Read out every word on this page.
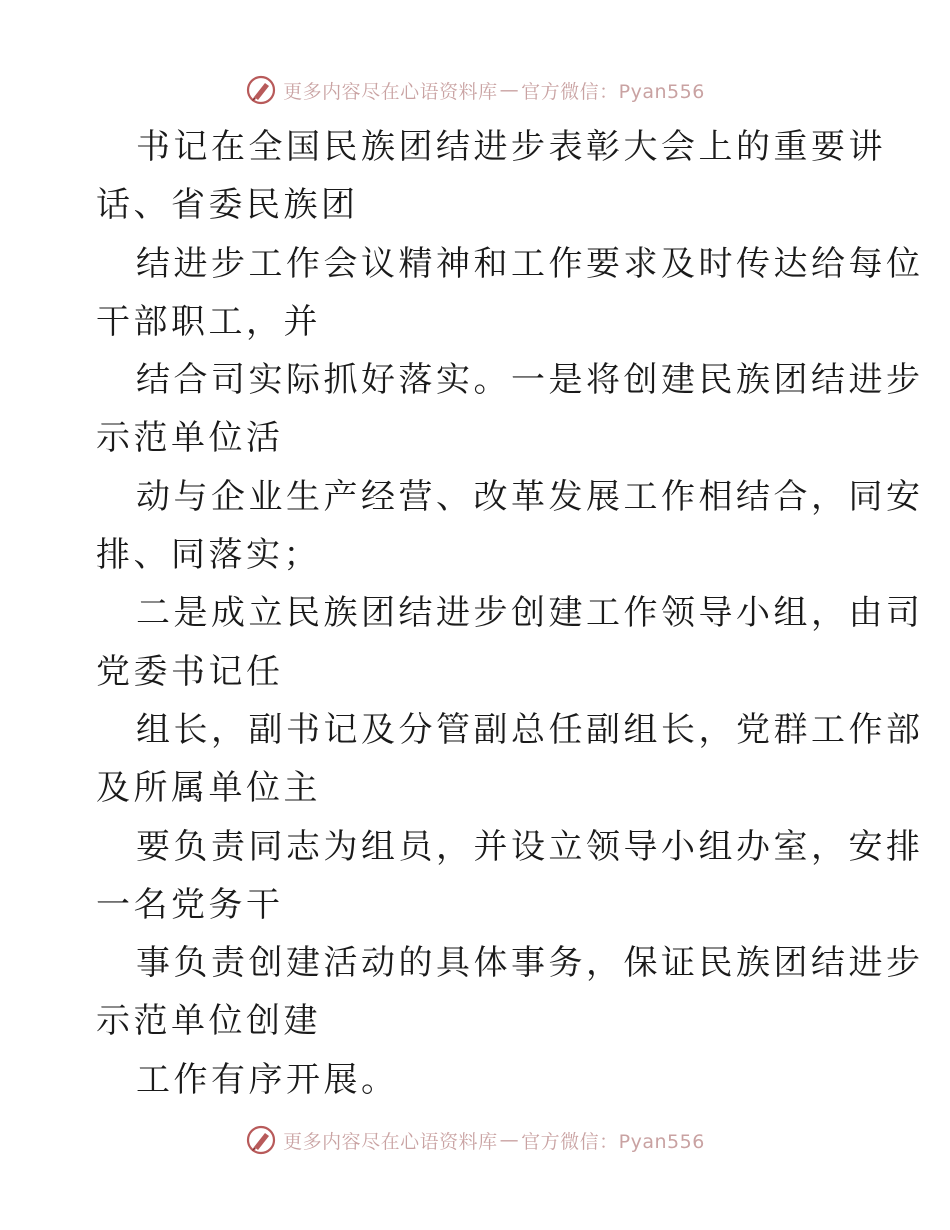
更多内容尽在心语资料库 — 官方微信：Pyan556
书记在全国民族团结进步表彰大会上的重要讲
话、省委民族团
结进步工作会议精神和工作要求及时传达给每位
干部职工，并
结合司实际抓好落实。一是将创建民族团结进步
示范单位活
动与企业生产经营、改革发展工作相结合，同安
排、同落实；
二是成立民族团结进步创建工作领导小组，由司
党委书记任
组长，副书记及分管副总任副组长，党群工作部
及所属单位主
要负责同志为组员，并设立领导小组办室，安排
一名党务干
事负责创建活动的具体事务，保证民族团结进步
示范单位创建
工作有序开展。
更多内容尽在心语资料库 — 官方微信：Pyan556
